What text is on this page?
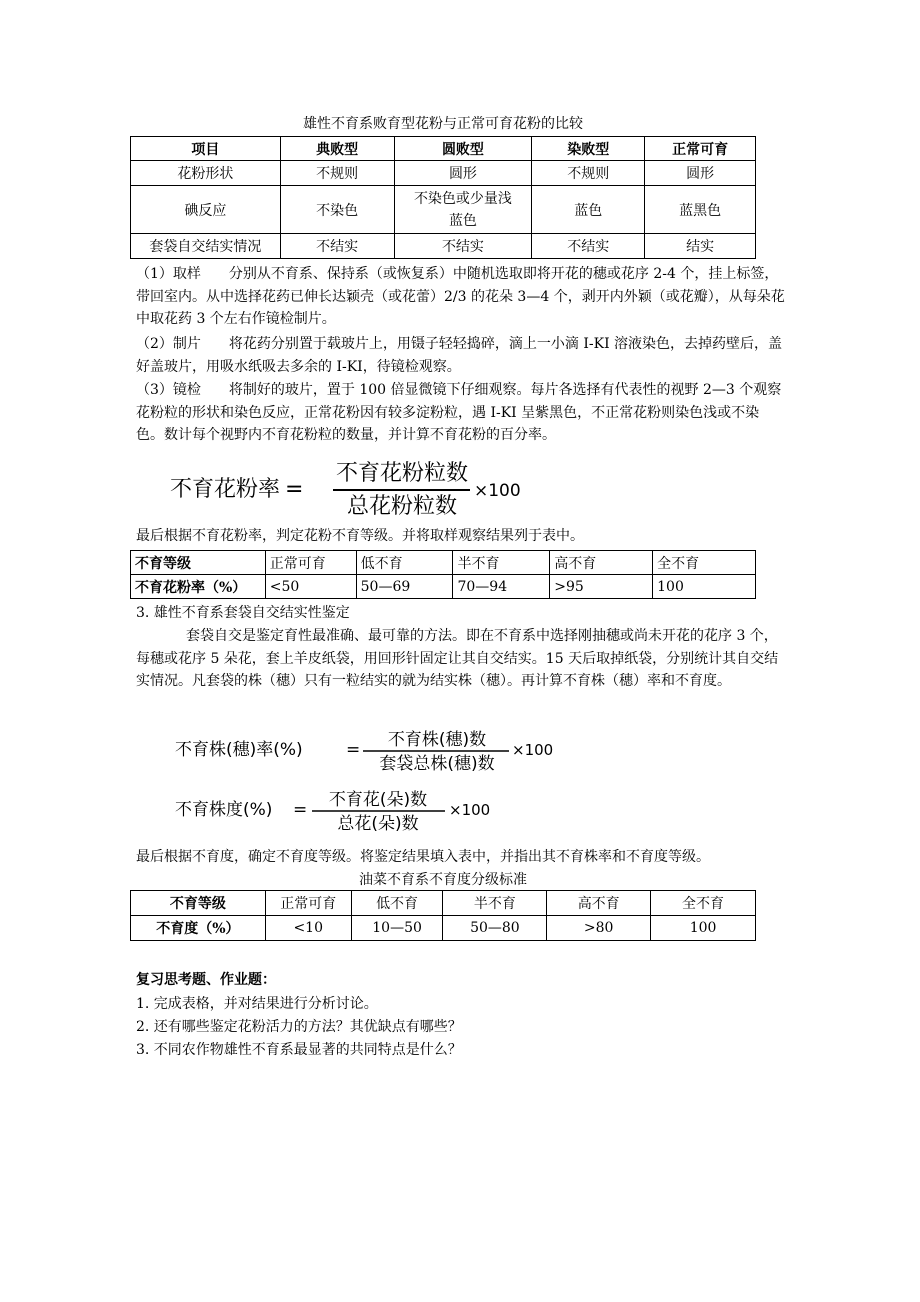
雄性不育系败育型花粉与正常可育花粉的比较
项目	典败型	圆败型	染败型	正常可育
花粉形状	不规则	圆形	不规则	圆形
碘反应	不染色	不染色或少量浅蓝色	蓝色	蓝黑色
套袋自交结实情况	不结实	不结实	不结实	结实

（1）取样　　分别从不育系、保持系（或恢复系）中随机选取即将开花的穗或花序 2-4 个，挂上标签，带回室内。从中选择花药已伸长达颖壳（或花蕾）2/3 的花朵 3—4 个，剥开内外颖（或花瓣），从每朵花中取花药 3 个左右作镜检制片。

（2）制片　　将花药分别置于载玻片上，用镊子轻轻捣碎，滴上一小滴 I-KI 溶液染色，去掉药壁后，盖好盖玻片，用吸水纸吸去多余的 I-KI，待镜检观察。

（3）镜检　　将制好的玻片，置于 100 倍显微镜下仔细观察。每片各选择有代表性的视野 2—3 个观察花粉粒的形状和染色反应，正常花粉因有较多淀粉粒，遇 I-KI 呈紫黑色，不正常花粉则染色浅或不染色。数计每个视野内不育花粉粒的数量，并计算不育花粉的百分率。

不育花粉率 =
不育花粉粒数
总花粉粒数
×100

最后根据不育花粉率，判定花粉不育等级。并将取样观察结果列于表中。

不育等级	正常可育	低不育	半不育	高不育	全不育
不育花粉率（%）	<50	50—69	70—94	>95	100

3. 雄性不育系套袋自交结实性鉴定

套袋自交是鉴定育性最准确、最可靠的方法。即在不育系中选择刚抽穗或尚未开花的花序 3 个，每穗或花序 5 朵花，套上羊皮纸袋，用回形针固定让其自交结实。15 天后取掉纸袋，分别统计其自交结实情况。凡套袋的株（穗）只有一粒结实的就为结实株（穗）。再计算不育株（穗）率和不育度。

不育株(穗)率(%)	= 不育株(穗)数
套袋总株(穗)数
×100
不育株度(%) = 不育花(朵)数
总花(朵)数
×100

最后根据不育度，确定不育度等级。将鉴定结果填入表中，并指出其不育株率和不育度等级。

油菜不育系不育度分级标准
不育等级	正常可育	低不育	半不育	高不育	全不育
不育度（%）	<10	10—50	50—80	>80	100

复习思考题、作业题：

1. 完成表格，并对结果进行分析讨论。

2. 还有哪些鉴定花粉活力的方法？其优缺点有哪些？

3. 不同农作物雄性不育系最显著的共同特点是什么？
